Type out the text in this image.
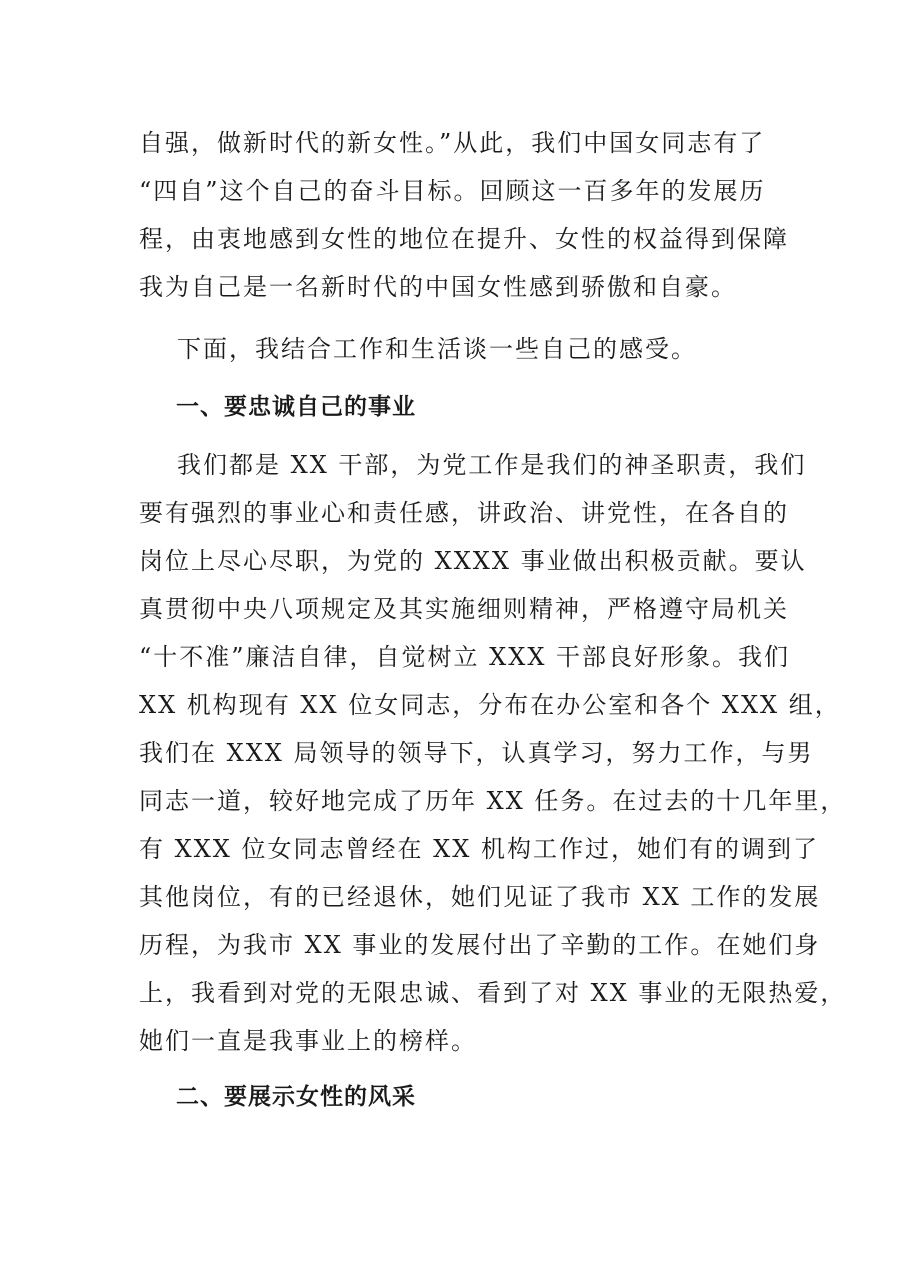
自强，做新时代的新女性。”从此，我们中国女同志有了
“四自”这个自己的奋斗目标。回顾这一百多年的发展历
程，由衷地感到女性的地位在提升、女性的权益得到保障
我为自己是一名新时代的中国女性感到骄傲和自豪。
下面，我结合工作和生活谈一些自己的感受。
一、要忠诚自己的事业
我们都是 XX 干部，为党工作是我们的神圣职责，我们
要有强烈的事业心和责任感，讲政治、讲党性，在各自的
岗位上尽心尽职，为党的 XXXX 事业做出积极贡献。要认
真贯彻中央八项规定及其实施细则精神，严格遵守局机关
“十不准”廉洁自律，自觉树立 XXX 干部良好形象。我们
XX 机构现有 XX 位女同志，分布在办公室和各个 XXX 组，
我们在 XXX 局领导的领导下，认真学习，努力工作，与男
同志一道，较好地完成了历年 XX 任务。在过去的十几年里，
有 XXX 位女同志曾经在 XX 机构工作过，她们有的调到了
其他岗位，有的已经退休，她们见证了我市 XX 工作的发展
历程，为我市 XX 事业的发展付出了辛勤的工作。在她们身
上，我看到对党的无限忠诚、看到了对 XX 事业的无限热爱，
她们一直是我事业上的榜样。
二、要展示女性的风采
